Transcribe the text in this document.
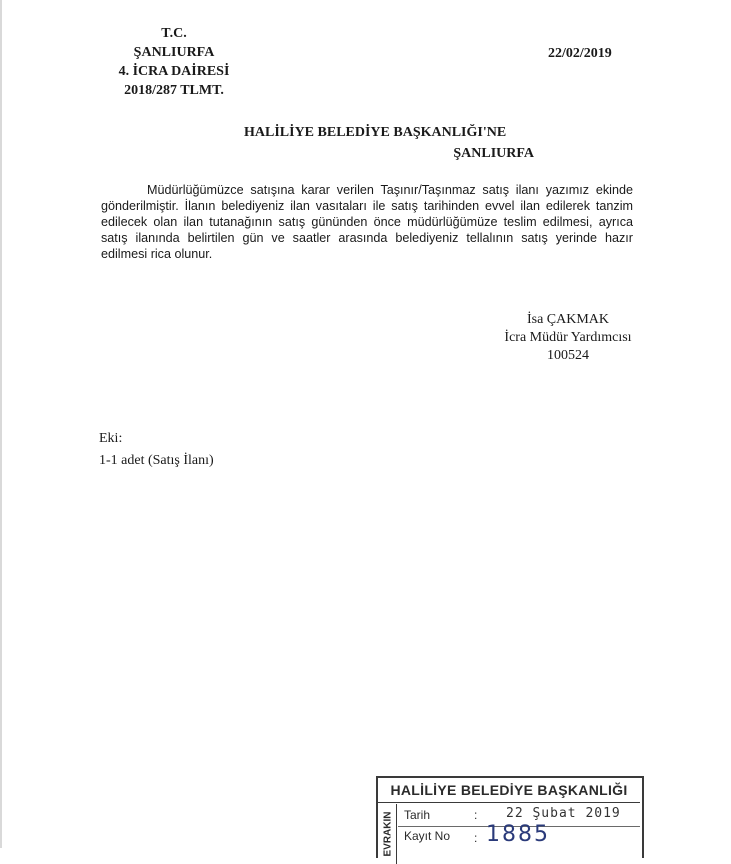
T.C.
ŞANLIURFA
4. İCRA DAİRESİ
2018/287 TLMT.
22/02/2019
HALİLİYE BELEDİYE BAŞKANLIĞI'NE
ŞANLIURFA
Müdürlüğümüzce satışına karar verilen Taşınır/Taşınmaz satış ilanı yazımız ekinde gönderilmiştir. İlanın belediyeniz ilan vasıtaları ile satış tarihinden evvel ilan edilerek tanzim edilecek olan ilan tutanağının satış gününden önce müdürlüğümüze teslim edilmesi, ayrıca satış ilanında belirtilen gün ve saatler arasında belediyeniz tellalının satış yerinde hazır edilmesi rica olunur.
İsa ÇAKMAK
İcra Müdür Yardımcısı
100524
Eki:
1-1 adet (Satış İlanı)
HALİLİYE BELEDİYE BAŞKANLIĞI
EVRAKIN Tarih	: 22 Şubat 2019
Kayıt No : 1885
